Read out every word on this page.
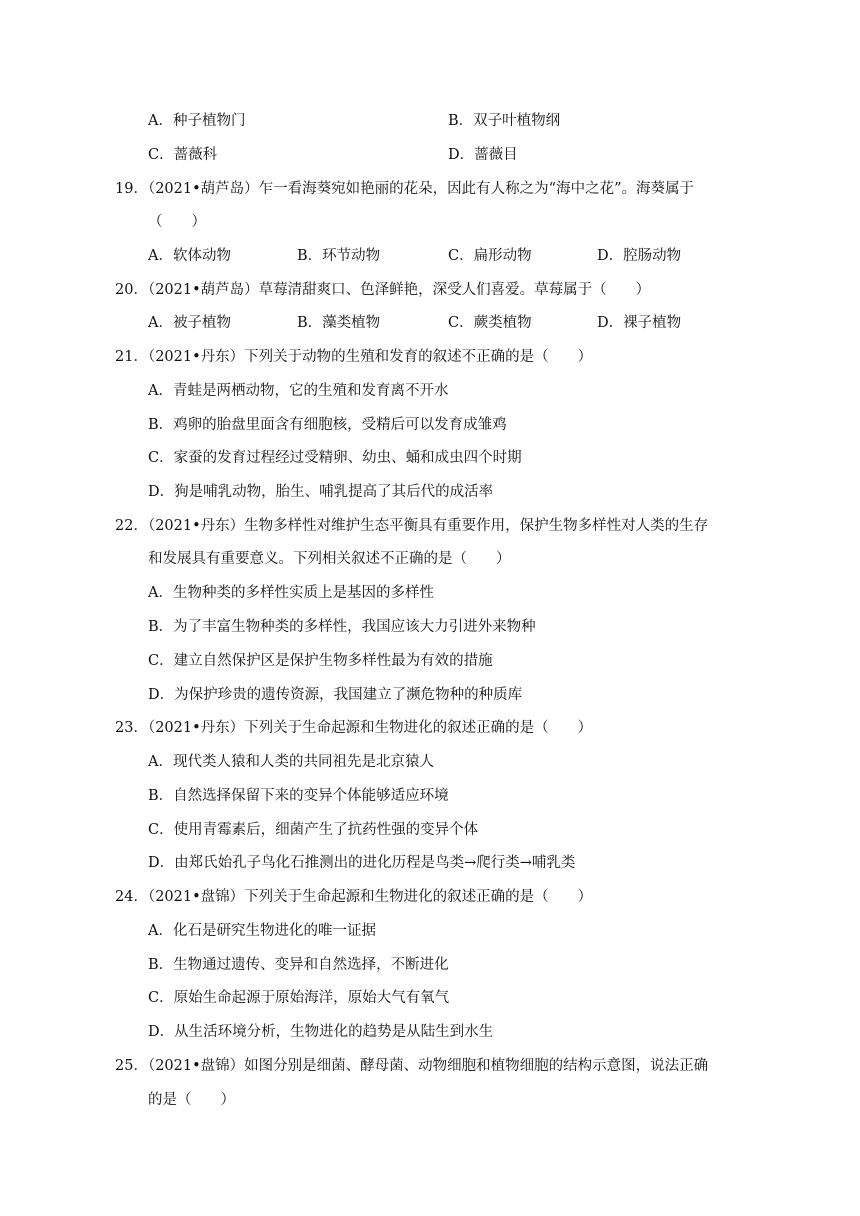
A．种子植物门	B．双子叶植物纲
C．蔷薇科	D．蔷薇目
19．（2021•葫芦岛）乍一看海葵宛如艳丽的花朵，因此有人称之为“海中之花”。海葵属于
（　　）
A．软体动物	B．环节动物	C．扁形动物	D．腔肠动物
20．（2021•葫芦岛）草莓清甜爽口、色泽鲜艳，深受人们喜爱。草莓属于（　　）
A．被子植物	B．藻类植物	C．蕨类植物	D．裸子植物
21．（2021•丹东）下列关于动物的生殖和发育的叙述不正确的是（　　）
A．青蛙是两栖动物，它的生殖和发育离不开水
B．鸡卵的胎盘里面含有细胞核，受精后可以发育成雏鸡
C．家蚕的发育过程经过受精卵、幼虫、蛹和成虫四个时期
D．狗是哺乳动物，胎生、哺乳提高了其后代的成活率
22．（2021•丹东）生物多样性对维护生态平衡具有重要作用，保护生物多样性对人类的生存
和发展具有重要意义。下列相关叙述不正确的是（　　）
A．生物种类的多样性实质上是基因的多样性
B．为了丰富生物种类的多样性，我国应该大力引进外来物种
C．建立自然保护区是保护生物多样性最为有效的措施
D．为保护珍贵的遗传资源，我国建立了濒危物种的种质库
23．（2021•丹东）下列关于生命起源和生物进化的叙述正确的是（　　）
A．现代类人猿和人类的共同祖先是北京猿人
B．自然选择保留下来的变异个体能够适应环境
C．使用青霉素后，细菌产生了抗药性强的变异个体
D．由郑氏始孔子鸟化石推测出的进化历程是鸟类→爬行类→哺乳类
24．（2021•盘锦）下列关于生命起源和生物进化的叙述正确的是（　　）
A．化石是研究生物进化的唯一证据
B．生物通过遗传、变异和自然选择，不断进化
C．原始生命起源于原始海洋，原始大气有氧气
D．从生活环境分析，生物进化的趋势是从陆生到水生
25．（2021•盘锦）如图分别是细菌、酵母菌、动物细胞和植物细胞的结构示意图，说法正确
的是（　　）
